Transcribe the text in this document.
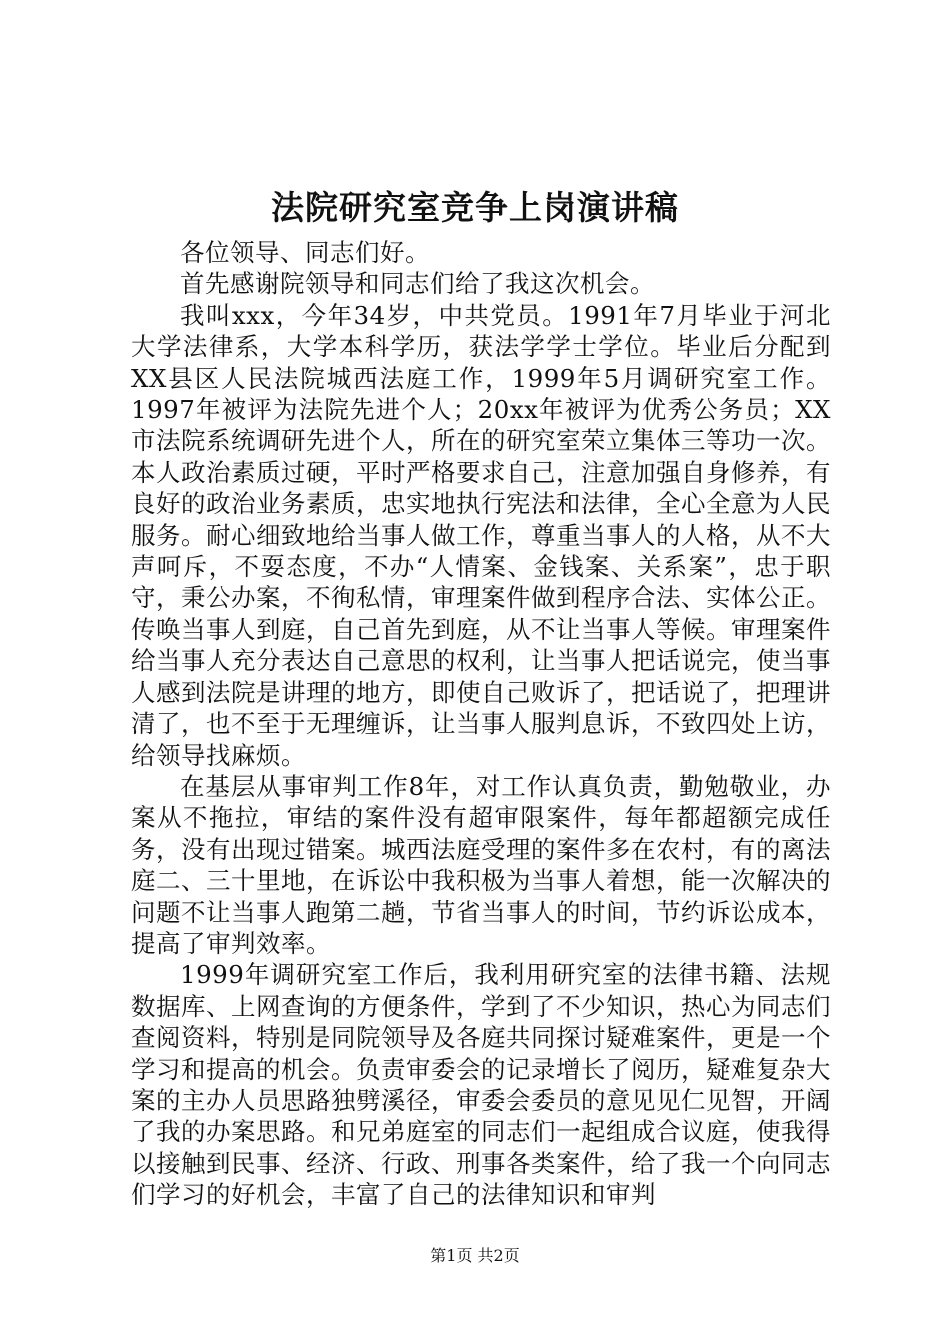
法院研究室竞争上岗演讲稿

各位领导、同志们好。

首先感谢院领导和同志们给了我这次机会。

我叫xxx，今年34岁，中共党员。1991年7月毕业于河北大学法律系，大学本科学历，获法学学士学位。毕业后分配到XX县区人民法院城西法庭工作，1999年5月调研究室工作。1997年被评为法院先进个人；20xx年被评为优秀公务员；XX市法院系统调研先进个人，所在的研究室荣立集体三等功一次。本人政治素质过硬，平时严格要求自己，注意加强自身修养，有良好的政治业务素质，忠实地执行宪法和法律，全心全意为人民服务。耐心细致地给当事人做工作，尊重当事人的人格，从不大声呵斥，不耍态度，不办“人情案、金钱案、关系案”，忠于职守，秉公办案，不徇私情，审理案件做到程序合法、实体公正。传唤当事人到庭，自己首先到庭，从不让当事人等候。审理案件给当事人充分表达自己意思的权利，让当事人把话说完，使当事人感到法院是讲理的地方，即使自己败诉了，把话说了，把理讲清了，也不至于无理缠诉，让当事人服判息诉，不致四处上访，给领导找麻烦。

在基层从事审判工作8年，对工作认真负责，勤勉敬业，办案从不拖拉，审结的案件没有超审限案件，每年都超额完成任务，没有出现过错案。城西法庭受理的案件多在农村，有的离法庭二、三十里地，在诉讼中我积极为当事人着想，能一次解决的问题不让当事人跑第二趟，节省当事人的时间，节约诉讼成本，提高了审判效率。

1999年调研究室工作后，我利用研究室的法律书籍、法规数据库、上网查询的方便条件，学到了不少知识，热心为同志们查阅资料，特别是同院领导及各庭共同探讨疑难案件，更是一个学习和提高的机会。负责审委会的记录增长了阅历，疑难复杂大案的主办人员思路独劈溪径，审委会委员的意见见仁见智，开阔了我的办案思路。和兄弟庭室的同志们一起组成合议庭，使我得以接触到民事、经济、行政、刑事各类案件，给了我一个向同志们学习的好机会，丰富了自己的法律知识和审判

第1页 共2页
